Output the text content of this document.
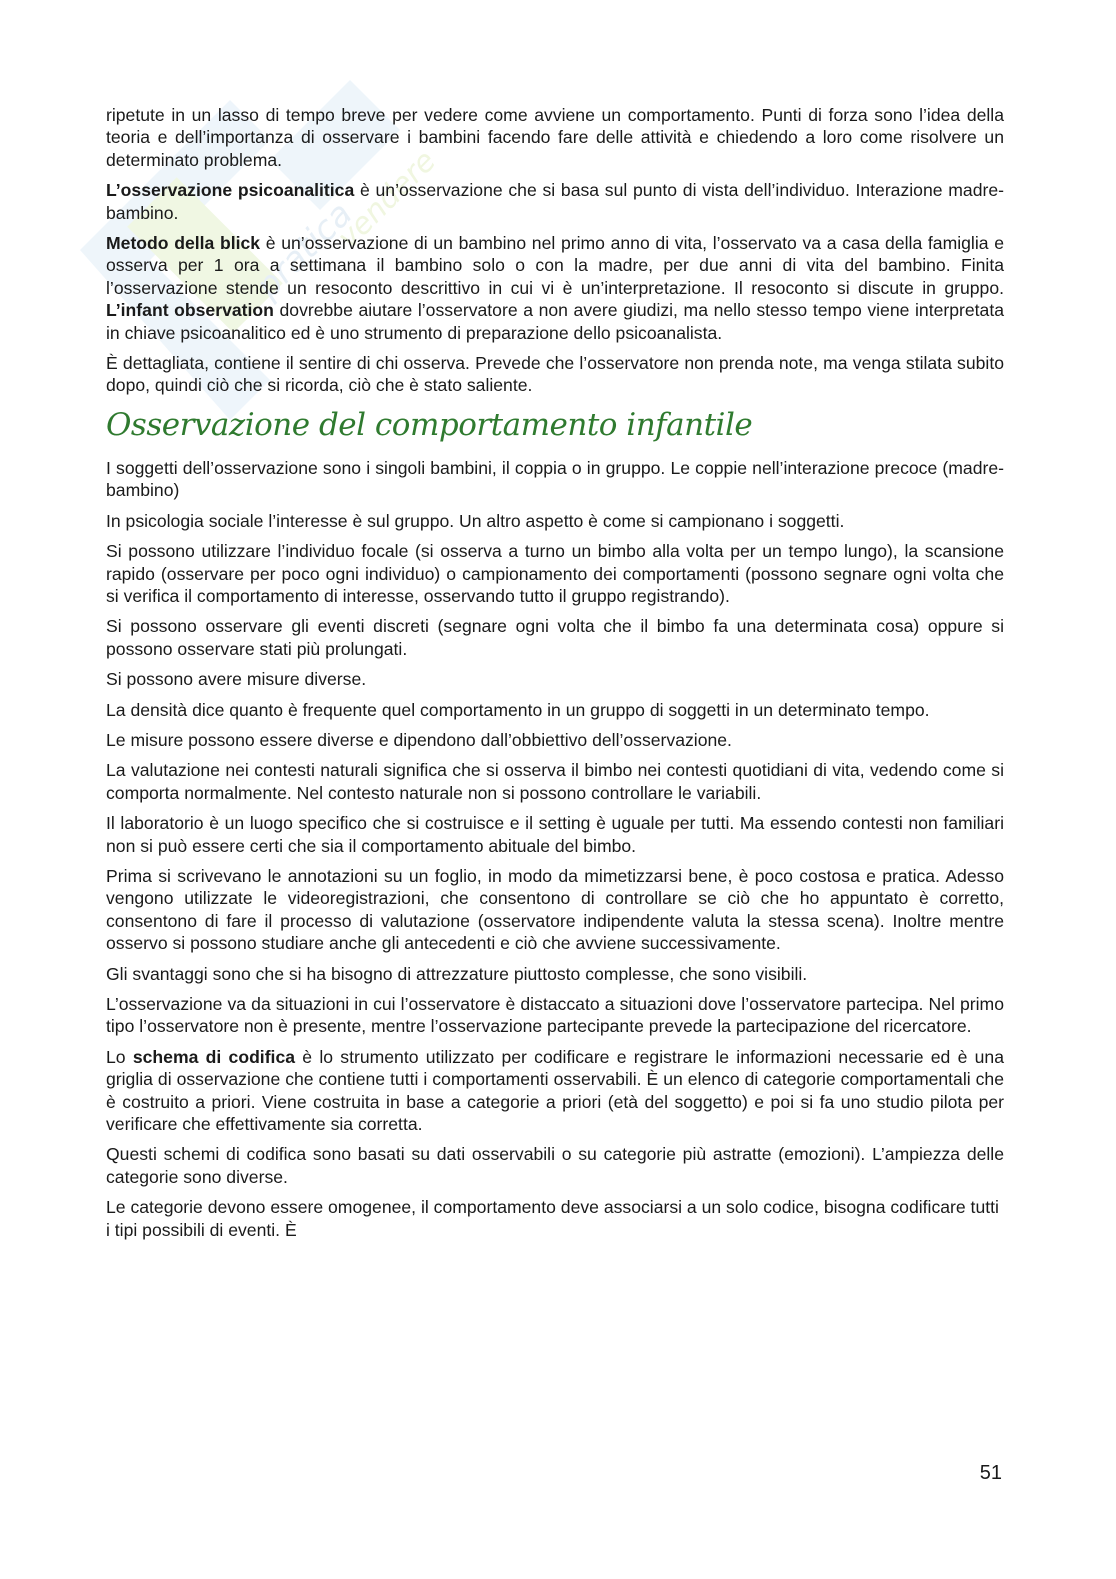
pratica
vendere

ripetute in un lasso di tempo breve per vedere come avviene un comportamento. Punti di forza sono l’idea della teoria e dell’importanza di osservare i bambini facendo fare delle attività e chiedendo a loro come risolvere un determinato problema.

L’osservazione psicoanalitica è un’osservazione che si basa sul punto di vista dell’individuo. Interazione madre-bambino.

Metodo della blick è un’osservazione di un bambino nel primo anno di vita, l’osservato va a casa della famiglia e osserva per 1 ora a settimana il bambino solo o con la madre, per due anni di vita del bambino. Finita l’osservazione stende un resoconto descrittivo in cui vi è un’interpretazione. Il resoconto si discute in gruppo. L’infant observation dovrebbe aiutare l’osservatore a non avere giudizi, ma nello stesso tempo viene interpretata in chiave psicoanalitico ed è uno strumento di preparazione dello psicoanalista.

È dettagliata, contiene il sentire di chi osserva. Prevede che l’osservatore non prenda note, ma venga stilata subito dopo, quindi ciò che si ricorda, ciò che è stato saliente.

Osservazione del comportamento infantile

I soggetti dell’osservazione sono i singoli bambini, il coppia o in gruppo. Le coppie nell’interazione precoce (madre-bambino)

In psicologia sociale l’interesse è sul gruppo. Un altro aspetto è come si campionano i soggetti.

Si possono utilizzare l’individuo focale (si osserva a turno un bimbo alla volta per un tempo lungo), la scansione rapido (osservare per poco ogni individuo) o campionamento dei comportamenti (possono segnare ogni volta che si verifica il comportamento di interesse, osservando tutto il gruppo registrando).

Si possono osservare gli eventi discreti (segnare ogni volta che il bimbo fa una determinata cosa) oppure si possono osservare stati più prolungati.

Si possono avere misure diverse.

La densità dice quanto è frequente quel comportamento in un gruppo di soggetti in un determinato tempo.

Le misure possono essere diverse e dipendono dall’obbiettivo dell’osservazione.

La valutazione nei contesti naturali significa che si osserva il bimbo nei contesti quotidiani di vita, vedendo come si comporta normalmente. Nel contesto naturale non si possono controllare le variabili.

Il laboratorio è un luogo specifico che si costruisce e il setting è uguale per tutti. Ma essendo contesti non familiari non si può essere certi che sia il comportamento abituale del bimbo.

Prima si scrivevano le annotazioni su un foglio, in modo da mimetizzarsi bene, è poco costosa e pratica. Adesso vengono utilizzate le videoregistrazioni, che consentono di controllare se ciò che ho appuntato è corretto, consentono di fare il processo di valutazione (osservatore indipendente valuta la stessa scena). Inoltre mentre osservo si possono studiare anche gli antecedenti e ciò che avviene successivamente.

Gli svantaggi sono che si ha bisogno di attrezzature piuttosto complesse, che sono visibili.

L’osservazione va da situazioni in cui l’osservatore è distaccato a situazioni dove l’osservatore partecipa. Nel primo tipo l’osservatore non è presente, mentre l’osservazione partecipante prevede la partecipazione del ricercatore.

Lo schema di codifica è lo strumento utilizzato per codificare e registrare le informazioni necessarie ed è una griglia di osservazione che contiene tutti i comportamenti osservabili. È un elenco di categorie comportamentali che è costruito a priori. Viene costruita in base a categorie a priori (età del soggetto) e poi si fa uno studio pilota per verificare che effettivamente sia corretta.

Questi schemi di codifica sono basati su dati osservabili o su categorie più astratte (emozioni). L’ampiezza delle categorie sono diverse.

Le categorie devono essere omogenee, il comportamento deve associarsi a un solo codice, bisogna codificare tutti i tipi possibili di eventi. È

51
